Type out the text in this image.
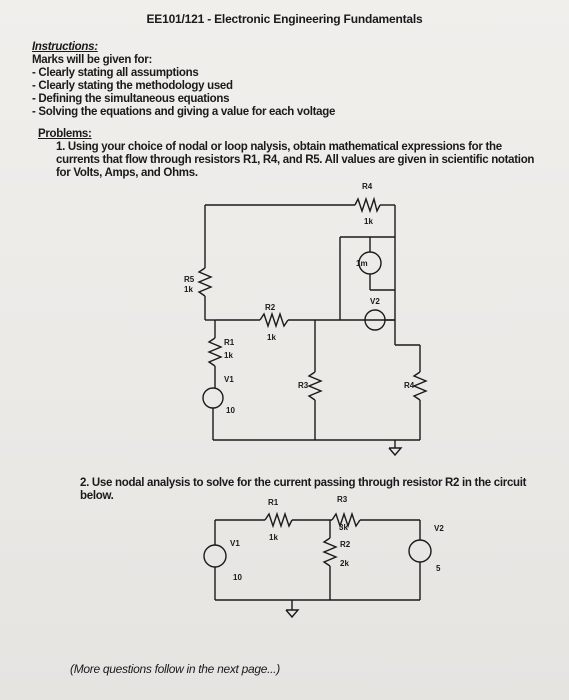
EE101/121 - Electronic Engineering Fundamentals
Instructions:
Marks will be given for:
- Clearly stating all assumptions
- Clearly stating the methodology used
- Defining the simultaneous equations
- Solving the equations and giving a value for each voltage
Problems:
1. Using your choice of nodal or loop nalysis, obtain mathematical expressions for the currents that flow through resistors R1, R4, and R5. All values are given in scientific notation for Volts, Amps, and Ohms.
R4
1k
1m
V2
R5
1k
R1
1k
V1
10
R2
1k
R3	R4
R1
1k
R3
3k
R2
2k
V1
10
V2
5
2. Use nodal analysis to solve for the current passing through resistor R2 in the circuit below.
(More questions follow in the next page...)
